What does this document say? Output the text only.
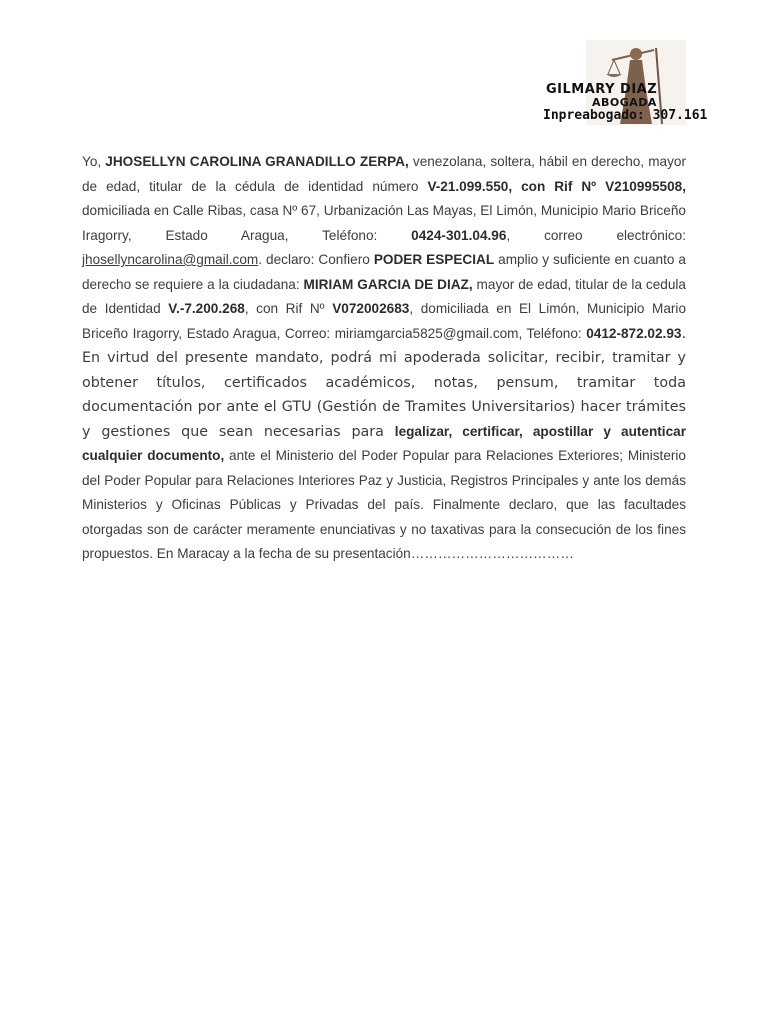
GILMARY DIAZ
ABOGADA
Inpreabogado: 307.161
Yo, JHOSELLYN CAROLINA GRANADILLO ZERPA, venezolana, soltera, hábil en derecho, mayor de edad, titular de la cédula de identidad número V-21.099.550, con Rif Nº V210995508, domiciliada en Calle Ribas, casa Nº 67, Urbanización Las Mayas, El Limón, Municipio Mario Briceño Iragorry, Estado Aragua, Teléfono: 0424-301.04.96, correo electrónico: jhosellyncarolina@gmail.com. declaro: Confiero PODER ESPECIAL amplio y suficiente en cuanto a derecho se requiere a la ciudadana: MIRIAM GARCIA DE DIAZ, mayor de edad, titular de la cedula de Identidad V.-7.200.268, con Rif Nº V072002683, domiciliada en El Limón, Municipio Mario Briceño Iragorry, Estado Aragua, Correo: miriamgarcia5825@gmail.com, Teléfono: 0412-872.02.93. En virtud del presente mandato, podrá mi apoderada solicitar, recibir, tramitar y obtener títulos, certificados académicos, notas, pensum, tramitar toda documentación por ante el GTU (Gestión de Tramites Universitarios) hacer trámites y gestiones que sean necesarias para legalizar, certificar, apostillar y autenticar cualquier documento, ante el Ministerio del Poder Popular para Relaciones Exteriores; Ministerio del Poder Popular para Relaciones Interiores Paz y Justicia, Registros Principales y ante los demás Ministerios y Oficinas Públicas y Privadas del país. Finalmente declaro, que las facultades otorgadas son de carácter meramente enunciativas y no taxativas para la consecución de los fines propuestos. En Maracay a la fecha de su presentación………………………………
